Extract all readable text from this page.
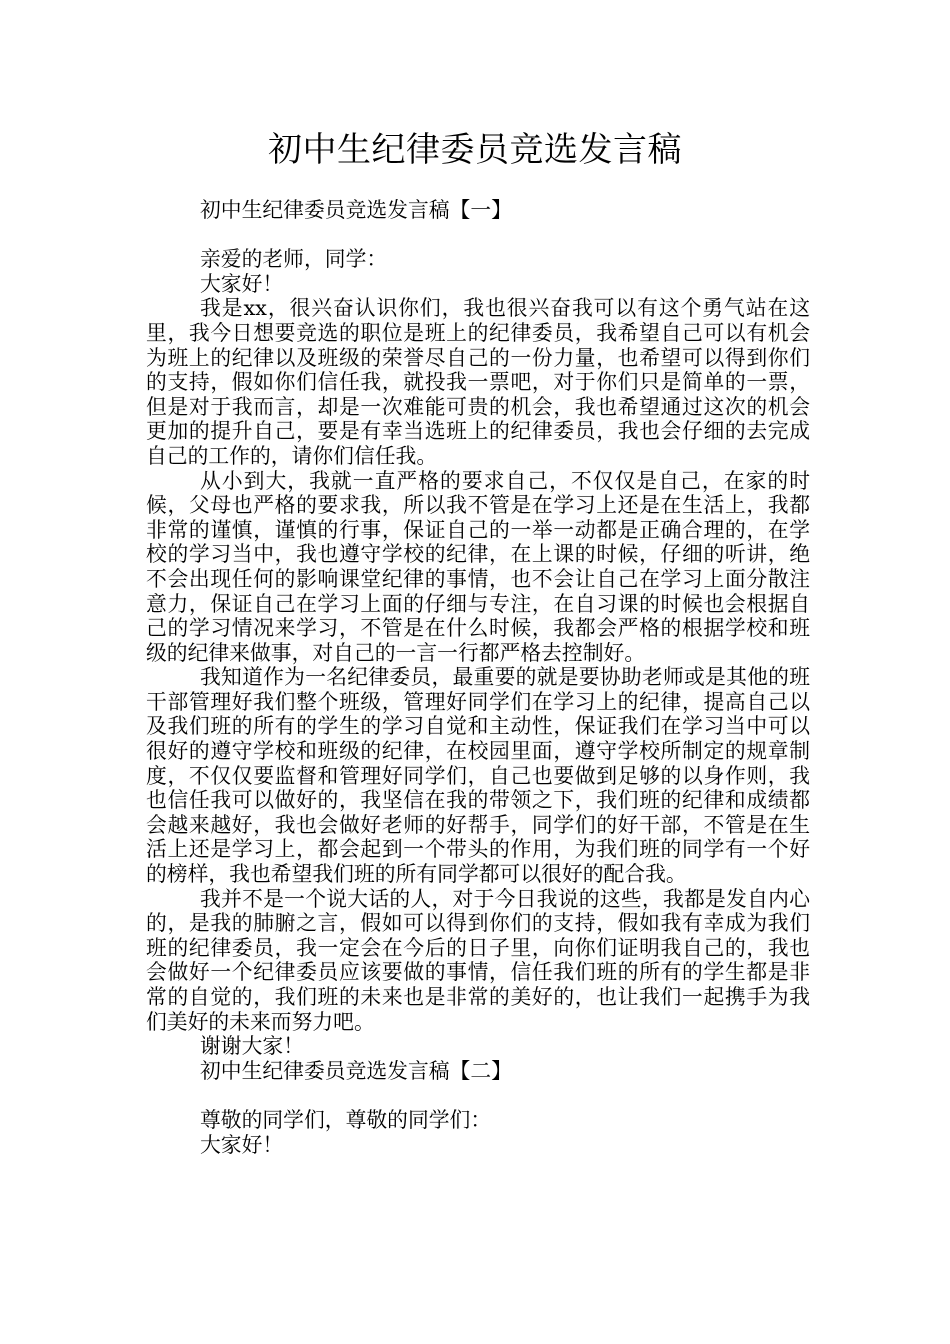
初中生纪律委员竞选发言稿

初中生纪律委员竞选发言稿【一】

亲爱的老师，同学：

大家好！

我是xx，很兴奋认识你们，我也很兴奋我可以有这个勇气站在这里，我今日想要竞选的职位是班上的纪律委员，我希望自己可以有机会为班上的纪律以及班级的荣誉尽自己的一份力量，也希望可以得到你们的支持，假如你们信任我，就投我一票吧，对于你们只是简单的一票，但是对于我而言，却是一次难能可贵的机会，我也希望通过这次的机会更加的提升自己，要是有幸当选班上的纪律委员，我也会仔细的去完成自己的工作的，请你们信任我。

从小到大，我就一直严格的要求自己，不仅仅是自己，在家的时候，父母也严格的要求我，所以我不管是在学习上还是在生活上，我都非常的谨慎，谨慎的行事，保证自己的一举一动都是正确合理的，在学校的学习当中，我也遵守学校的纪律，在上课的时候，仔细的听讲，绝不会出现任何的影响课堂纪律的事情，也不会让自己在学习上面分散注意力，保证自己在学习上面的仔细与专注，在自习课的时候也会根据自己的学习情况来学习，不管是在什么时候，我都会严格的根据学校和班级的纪律来做事，对自己的一言一行都严格去控制好。

我知道作为一名纪律委员，最重要的就是要协助老师或是其他的班干部管理好我们整个班级，管理好同学们在学习上的纪律，提高自己以及我们班的所有的学生的学习自觉和主动性，保证我们在学习当中可以很好的遵守学校和班级的纪律，在校园里面，遵守学校所制定的规章制度，不仅仅要监督和管理好同学们，自己也要做到足够的以身作则，我也信任我可以做好的，我坚信在我的带领之下，我们班的纪律和成绩都会越来越好，我也会做好老师的好帮手，同学们的好干部，不管是在生活上还是学习上，都会起到一个带头的作用，为我们班的同学有一个好的榜样，我也希望我们班的所有同学都可以很好的配合我。

我并不是一个说大话的人，对于今日我说的这些，我都是发自内心的，是我的肺腑之言，假如可以得到你们的支持，假如我有幸成为我们班的纪律委员，我一定会在今后的日子里，向你们证明我自己的，我也会做好一个纪律委员应该要做的事情，信任我们班的所有的学生都是非常的自觉的，我们班的未来也是非常的美好的，也让我们一起携手为我们美好的未来而努力吧。

谢谢大家！

初中生纪律委员竞选发言稿【二】

尊敬的同学们，尊敬的同学们：

大家好！
